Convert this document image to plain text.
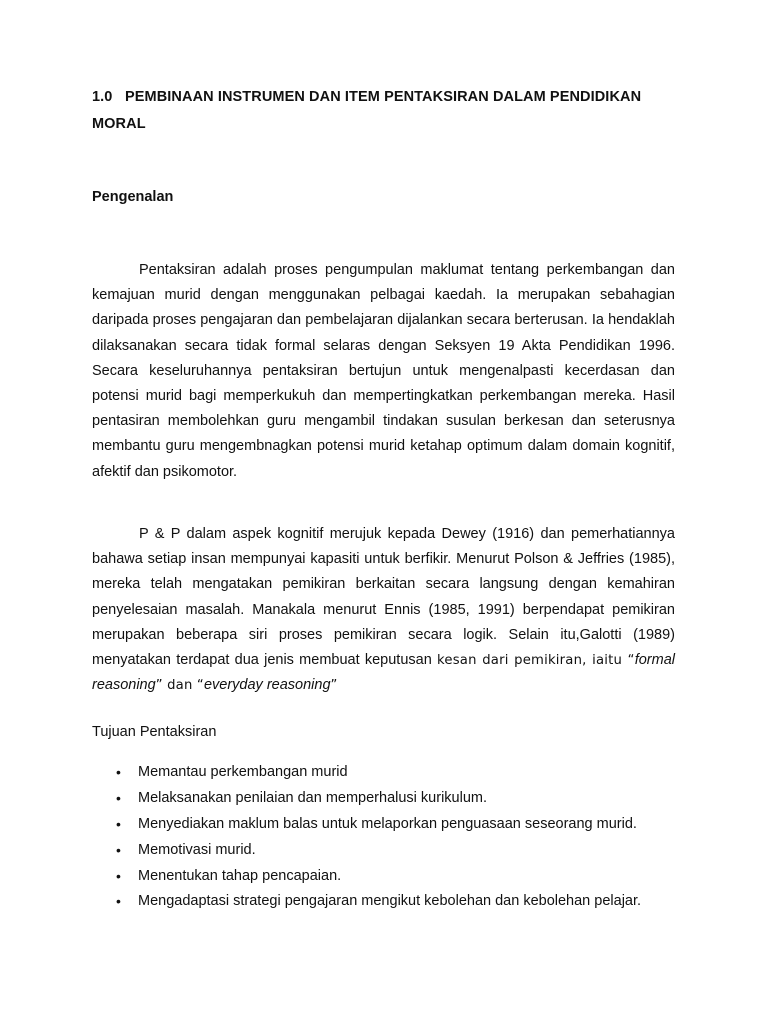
1.0 PEMBINAAN INSTRUMEN DAN ITEM PENTAKSIRAN DALAM PENDIDIKAN
MORAL

Pengenalan

Pentaksiran adalah proses pengumpulan maklumat tentang perkembangan dan kemajuan murid dengan menggunakan pelbagai kaedah. Ia merupakan sebahagian daripada proses pengajaran dan pembelajaran dijalankan secara berterusan. Ia hendaklah dilaksanakan secara tidak formal selaras dengan Seksyen 19 Akta Pendidikan 1996. Secara keseluruhannya pentaksiran bertujun untuk mengenalpasti kecerdasan dan potensi murid bagi memperkukuh dan mempertingkatkan perkembangan mereka. Hasil pentasiran membolehkan guru mengambil tindakan susulan berkesan dan seterusnya membantu guru mengembnagkan potensi murid ketahap optimum dalam domain kognitif, afektif dan psikomotor.

P & P dalam aspek kognitif merujuk kepada Dewey (1916) dan pemerhatiannya bahawa setiap insan mempunyai kapasiti untuk berfikir. Menurut Polson & Jeffries (1985), mereka telah mengatakan pemikiran berkaitan secara langsung dengan kemahiran penyelesaian masalah. Manakala menurut Ennis (1985, 1991) berpendapat pemikiran merupakan beberapa siri proses pemikiran secara logik. Selain itu,Galotti (1989) menyatakan terdapat dua jenis membuat keputusan kesan dari pemikiran, iaitu “formal reasoning” dan “everyday reasoning”

Tujuan Pentaksiran

• Memantau perkembangan murid
• Melaksanakan penilaian dan memperhalusi kurikulum.
• Menyediakan maklum balas untuk melaporkan penguasaan seseorang murid.
• Memotivasi murid.
• Menentukan tahap pencapaian.
• Mengadaptasi strategi pengajaran mengikut kebolehan dan kebolehan pelajar.
